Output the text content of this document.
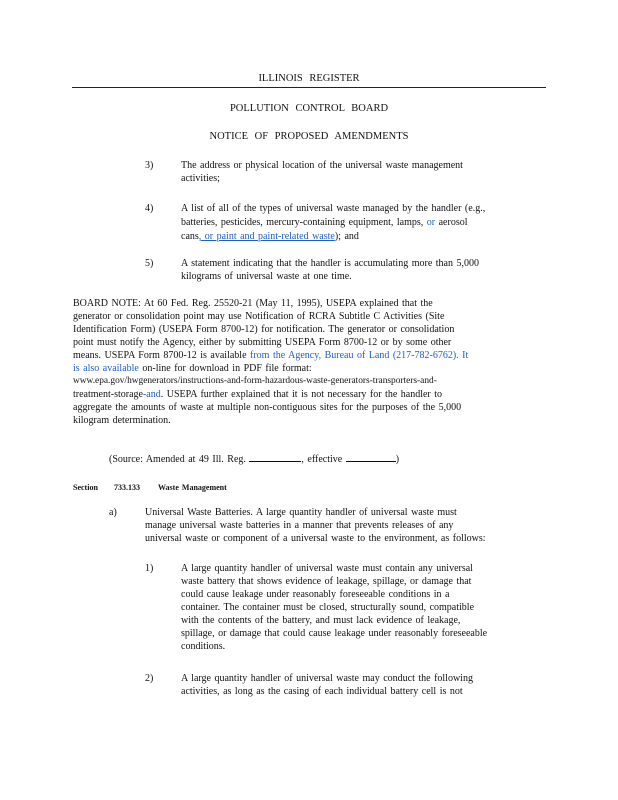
ILLINOIS REGISTER
POLLUTION CONTROL BOARD
NOTICE OF PROPOSED AMENDMENTS
3)	The address or physical location of the universal waste management
activities;
4)	A list of all of the types of universal waste managed by the handler (e.g.,
batteries, pesticides, mercury-containing equipment, lamps, or aerosol
cans, or paint and paint-related waste); and
5)	A statement indicating that the handler is accumulating more than 5,000
kilograms of universal waste at one time.
BOARD NOTE: At 60 Fed. Reg. 25520-21 (May 11, 1995), USEPA explained that the
generator or consolidation point may use Notification of RCRA Subtitle C Activities (Site
Identification Form) (USEPA Form 8700-12) for notification. The generator or consolidation
point must notify the Agency, either by submitting USEPA Form 8700-12 or by some other
means. USEPA Form 8700-12 is available from the Agency, Bureau of Land (217-782-6762). It
is also available on-line for download in PDF file format:
www.epa.gov/hwgenerators/instructions-and-form-hazardous-waste-generators-transporters-and-
treatment-storage-and. USEPA further explained that it is not necessary for the handler to
aggregate the amounts of waste at multiple non-contiguous sites for the purposes of the 5,000
kilogram determination.
(Source: Amended at 49 Ill. Reg.	, effective	)
Section 733.133 Waste Management
a)	Universal Waste Batteries. A large quantity handler of universal waste must
manage universal waste batteries in a manner that prevents releases of any
universal waste or component of a universal waste to the environment, as follows:
1)	A large quantity handler of universal waste must contain any universal
waste battery that shows evidence of leakage, spillage, or damage that
could cause leakage under reasonably foreseeable conditions in a
container. The container must be closed, structurally sound, compatible
with the contents of the battery, and must lack evidence of leakage,
spillage, or damage that could cause leakage under reasonably foreseeable
conditions.
2)	A large quantity handler of universal waste may conduct the following
activities, as long as the casing of each individual battery cell is not
